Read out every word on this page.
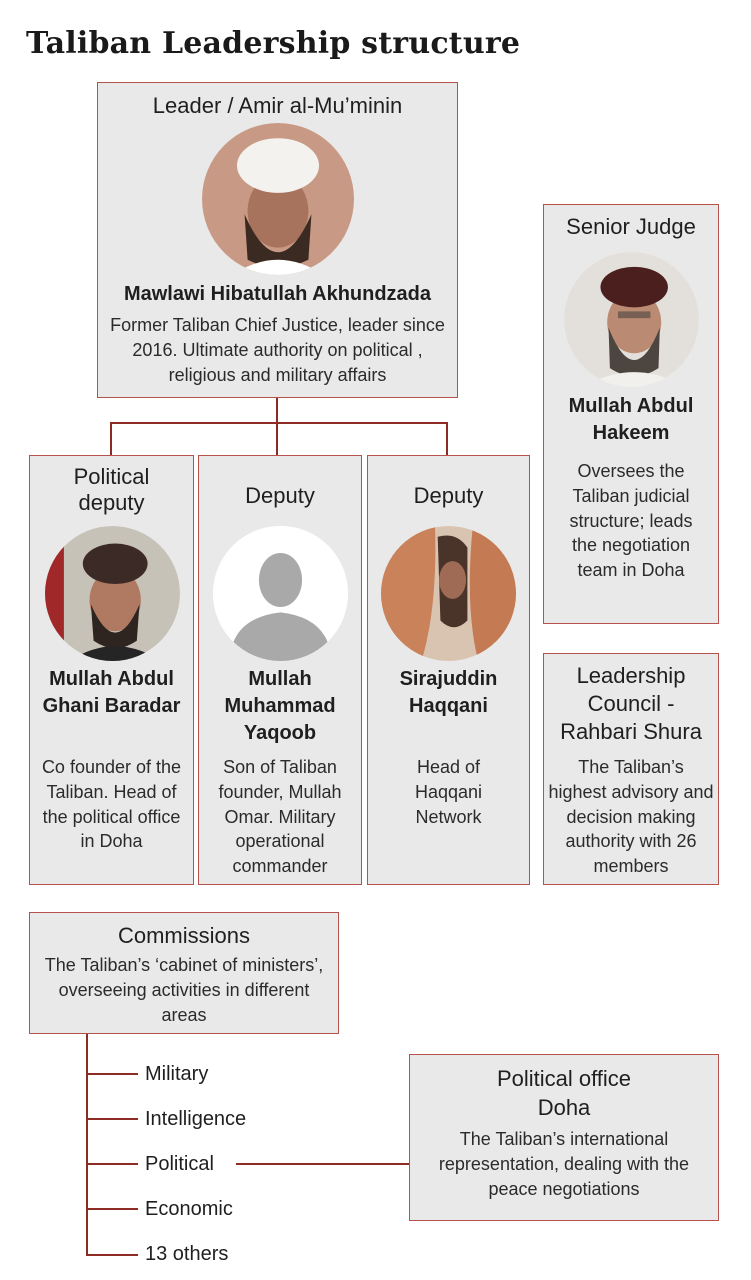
Taliban Leadership structure
Leader / Amir al-Mu’minin
Mawlawi Hibatullah Akhundzada
Former Taliban Chief Justice, leader since 2016. Ultimate authority on political , religious and military affairs
Political deputy
Mullah Abdul Ghani Baradar
Co founder of the Taliban. Head of the political office in Doha
Deputy
Mullah Muhammad Yaqoob
Son of Taliban founder, Mullah Omar. Military operational commander
Deputy
Sirajuddin Haqqani
Head of Haqqani Network
Senior Judge
Mullah Abdul Hakeem
Oversees the Taliban judicial structure; leads the negotiation team in Doha
Leadership Council - Rahbari Shura
The Taliban’s highest advisory and decision making authority with 26 members
Commissions
The Taliban’s ‘cabinet of ministers’, overseeing activities in different areas
Military
Intelligence
Political
Economic
13 others
Political office Doha
The Taliban’s international representation, dealing with the peace negotiations
